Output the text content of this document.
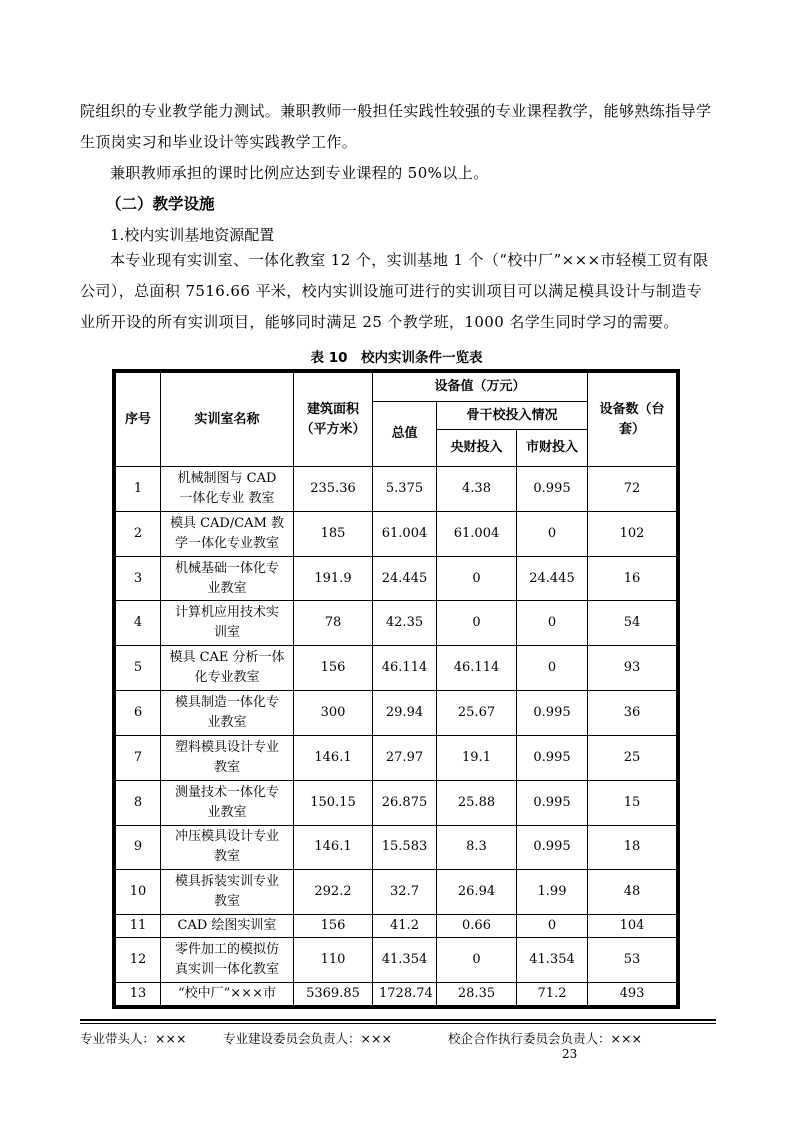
院组织的专业教学能力测试。兼职教师一般担任实践性较强的专业课程教学，能够熟练指导学生顶岗实习和毕业设计等实践教学工作。
兼职教师承担的课时比例应达到专业课程的 50%以上。
（二）教学设施
1.校内实训基地资源配置
本专业现有实训室、一体化教室 12 个，实训基地 1 个（“校中厂”×××市轻模工贸有限公司），总面积 7516.66 平米，校内实训设施可进行的实训项目可以满足模具设计与制造专业所开设的所有实训项目，能够同时满足 25 个教学班，1000 名学生同时学习的需要。
表 10　校内实训条件一览表
序号	实训室名称	建筑面积（平方米）	设备值（万元）			设备数（台套）
			总值	骨干校投入情况		
				央财投入	市财投入	
1	机械制图与 CAD 一体化专业 教室	235.36	5.375	4.38	0.995	72
2	模具 CAD/CAM 教学一体化专业教室	185	61.004	61.004	0	102
3	机械基础一体化专业教室	191.9	24.445	0	24.445	16
4	计算机应用技术实训室	78	42.35	0	0	54
5	模具 CAE 分析一体化专业教室	156	46.114	46.114	0	93
6	模具制造一体化专业教室	300	29.94	25.67	0.995	36
7	塑料模具设计专业教室	146.1	27.97	19.1	0.995	25
8	测量技术一体化专业教室	150.15	26.875	25.88	0.995	15
9	冲压模具设计专业教室	146.1	15.583	8.3	0.995	18
10	模具拆装实训专业教室	292.2	32.7	26.94	1.99	48
11	CAD 绘图实训室	156	41.2	0.66	0	104
12	零件加工的模拟仿真实训一体化教室	110	41.354	0	41.354	53
13	“校中厂”×××市	5369.85	1728.74	28.35	71.2	493
专业带头人：×××	专业建设委员会负责人：×××	校企合作执行委员会负责人：×××
23
